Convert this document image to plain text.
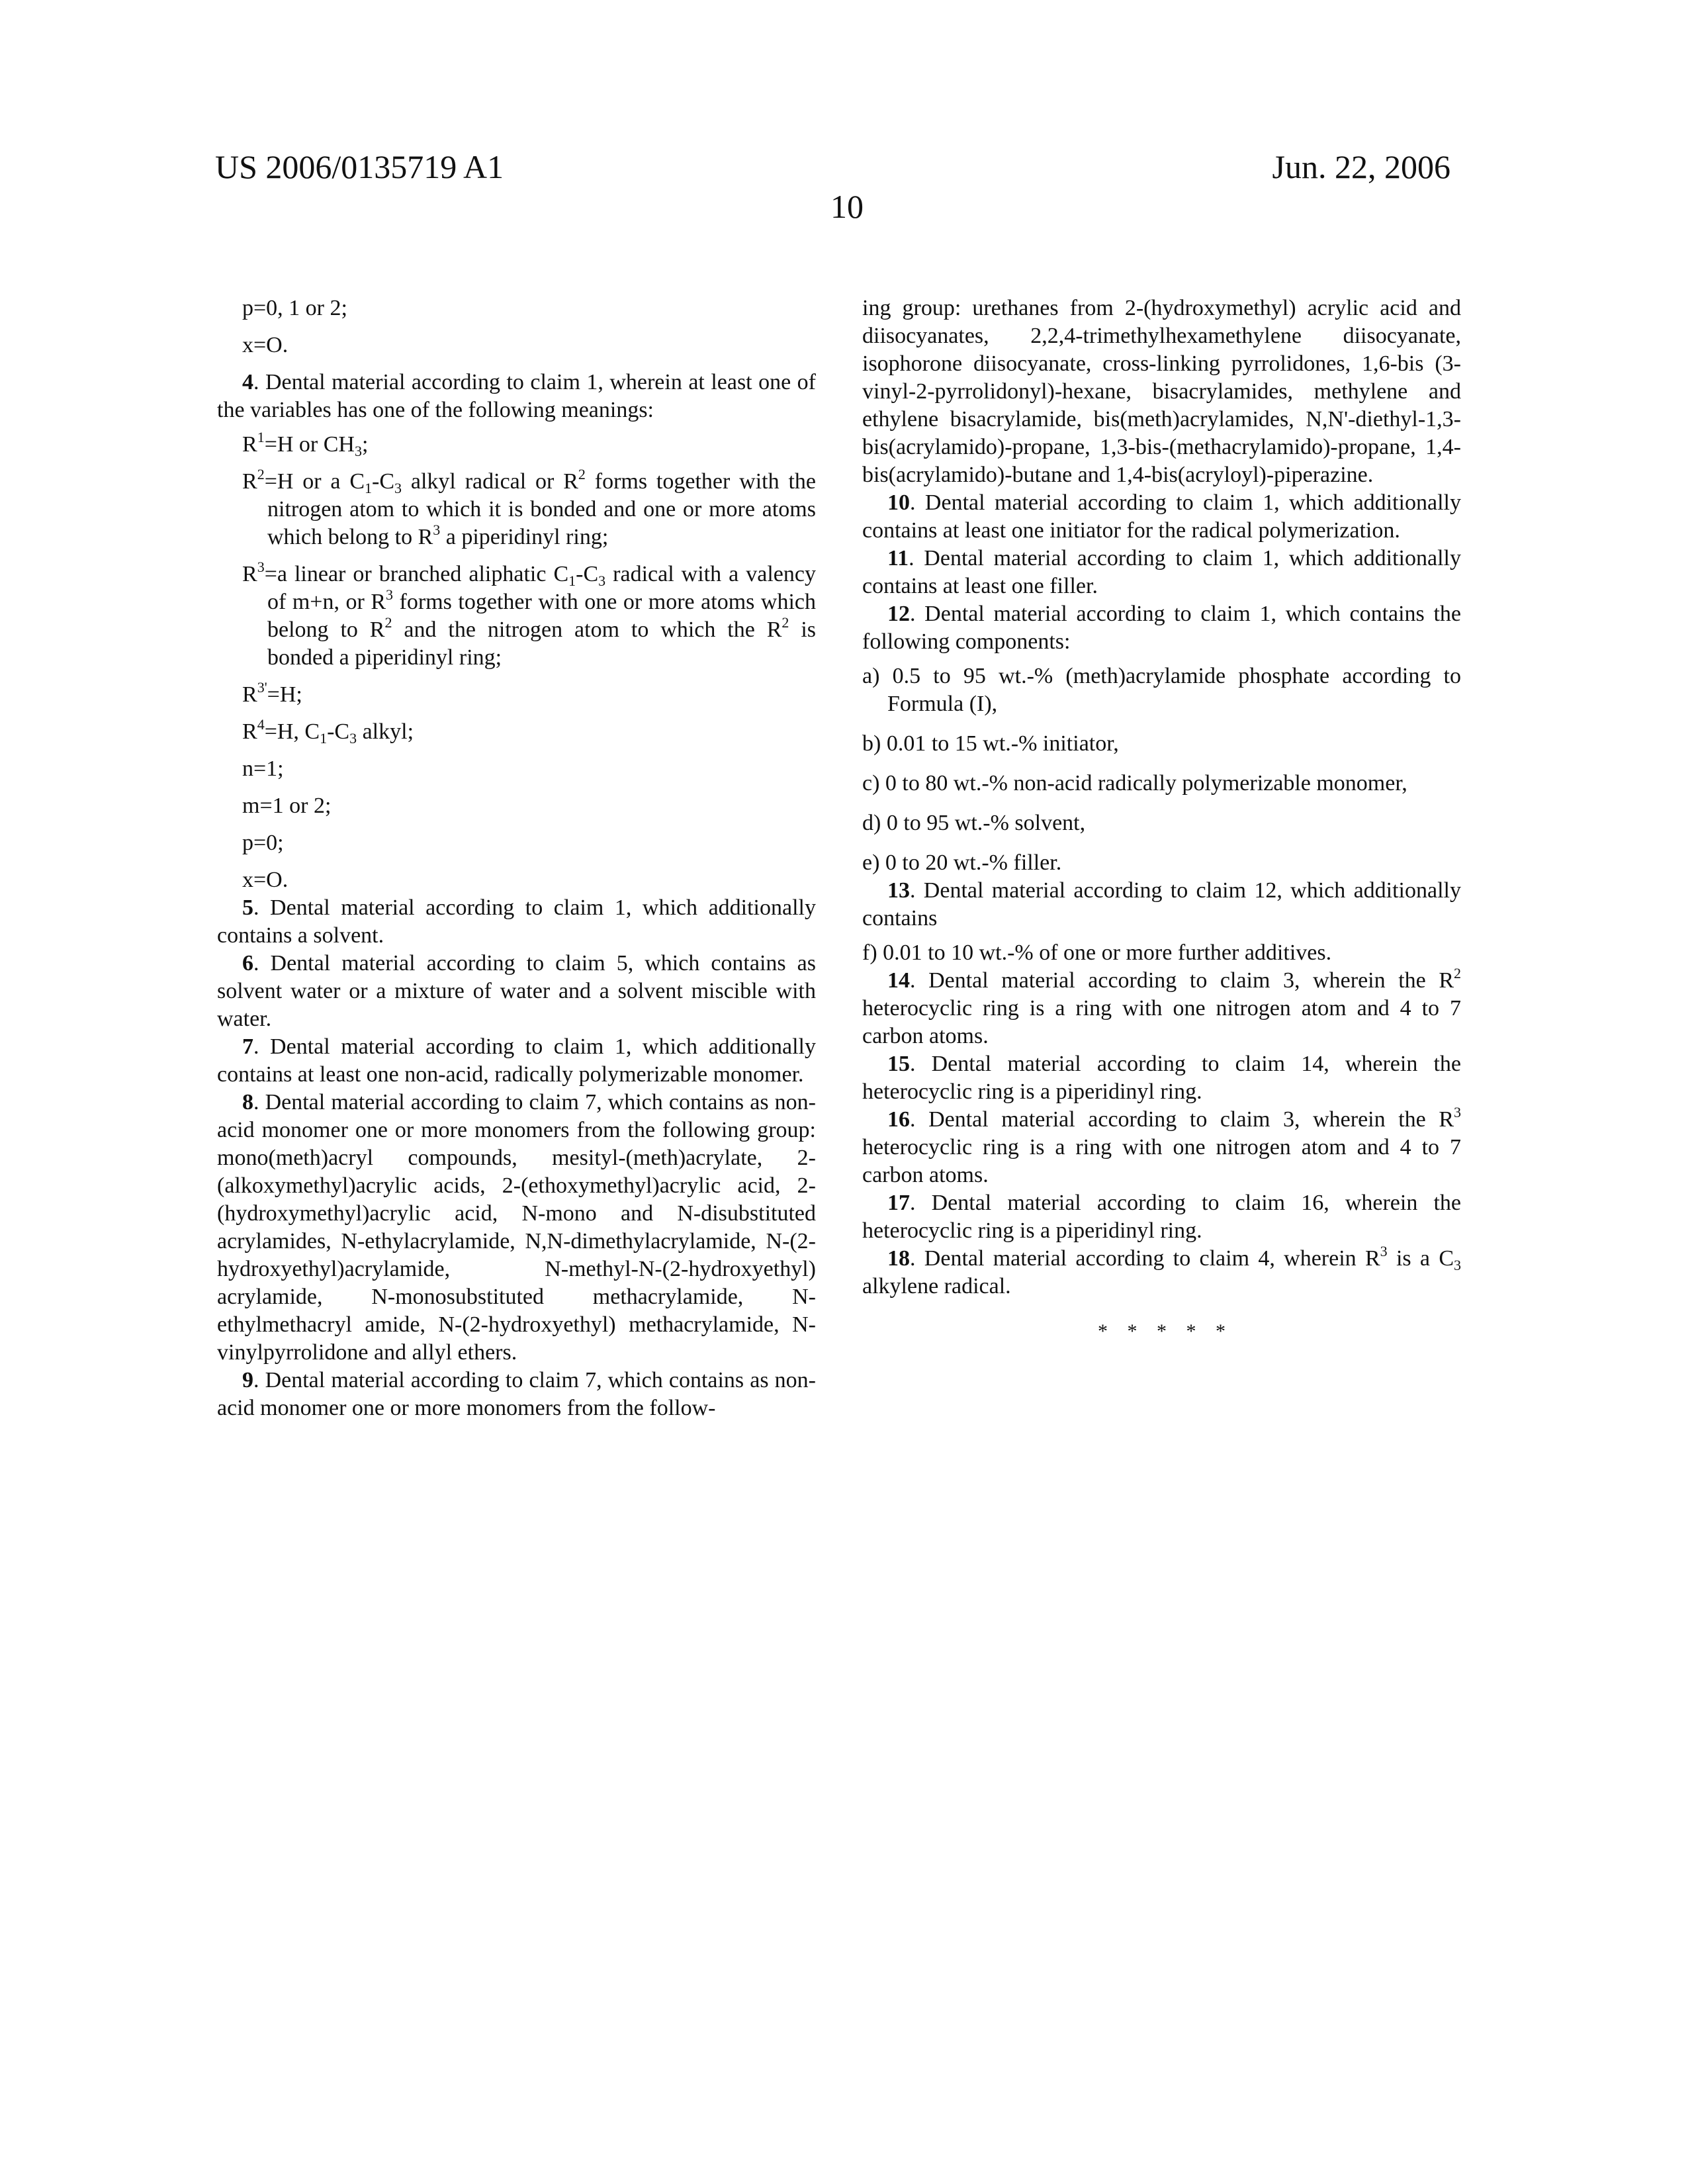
US 2006/0135719 A1	Jun. 22, 2006
10

p=0, 1 or 2;

x=O.

4. Dental material according to claim 1, wherein at least one of the variables has one of the following meanings:

R1=H or CH3;

R2=H or a C1-C3 alkyl radical or R2 forms together with the nitrogen atom to which it is bonded and one or more atoms which belong to R3 a piperidinyl ring;

R3=a linear or branched aliphatic C1-C3 radical with a valency of m+n, or R3 forms together with one or more atoms which belong to R2 and the nitrogen atom to which the R2 is bonded a piperidinyl ring;

R3'=H;

R4=H, C1-C3 alkyl;

n=1;

m=1 or 2;

p=0;

x=O.

5. Dental material according to claim 1, which additionally contains a solvent.

6. Dental material according to claim 5, which contains as solvent water or a mixture of water and a solvent miscible with water.

7. Dental material according to claim 1, which additionally contains at least one non-acid, radically polymerizable monomer.

8. Dental material according to claim 7, which contains as non-acid monomer one or more monomers from the following group: mono(meth)acryl compounds, mesityl-(meth)acrylate, 2-(alkoxymethyl)acrylic acids, 2-(ethoxymethyl)acrylic acid, 2-(hydroxymethyl)acrylic acid, N-mono and N-disubstituted acrylamides, N-ethylacrylamide, N,N-dimethylacrylamide, N-(2-hydroxyethyl)acrylamide, N-methyl-N-(2-hydroxyethyl) acrylamide, N-monosubstituted methacrylamide, N-ethylmethacryl amide, N-(2-hydroxyethyl) methacrylamide, N-vinylpyrrolidone and allyl ethers.

9. Dental material according to claim 7, which contains as non-acid monomer one or more monomers from the follow-

ing group: urethanes from 2-(hydroxymethyl) acrylic acid and diisocyanates, 2,2,4-trimethylhexamethylene diisocyanate, isophorone diisocyanate, cross-linking pyrrolidones, 1,6-bis (3-vinyl-2-pyrrolidonyl)-hexane, bisacrylamides, methylene and ethylene bisacrylamide, bis(meth)acrylamides, N,N'-diethyl-1,3-bis(acrylamido)-propane, 1,3-bis-(methacrylamido)-propane, 1,4-bis(acrylamido)-butane and 1,4-bis(acryloyl)-piperazine.

10. Dental material according to claim 1, which additionally contains at least one initiator for the radical polymerization.

11. Dental material according to claim 1, which additionally contains at least one filler.

12. Dental material according to claim 1, which contains the following components:

a) 0.5 to 95 wt.-% (meth)acrylamide phosphate according to Formula (I),

b) 0.01 to 15 wt.-% initiator,

c) 0 to 80 wt.-% non-acid radically polymerizable monomer,

d) 0 to 95 wt.-% solvent,

e) 0 to 20 wt.-% filler.

13. Dental material according to claim 12, which additionally contains

f) 0.01 to 10 wt.-% of one or more further additives.

14. Dental material according to claim 3, wherein the R2 heterocyclic ring is a ring with one nitrogen atom and 4 to 7 carbon atoms.

15. Dental material according to claim 14, wherein the heterocyclic ring is a piperidinyl ring.

16. Dental material according to claim 3, wherein the R3 heterocyclic ring is a ring with one nitrogen atom and 4 to 7 carbon atoms.

17. Dental material according to claim 16, wherein the heterocyclic ring is a piperidinyl ring.

18. Dental material according to claim 4, wherein R3 is a C3 alkylene radical.

* * * * *
